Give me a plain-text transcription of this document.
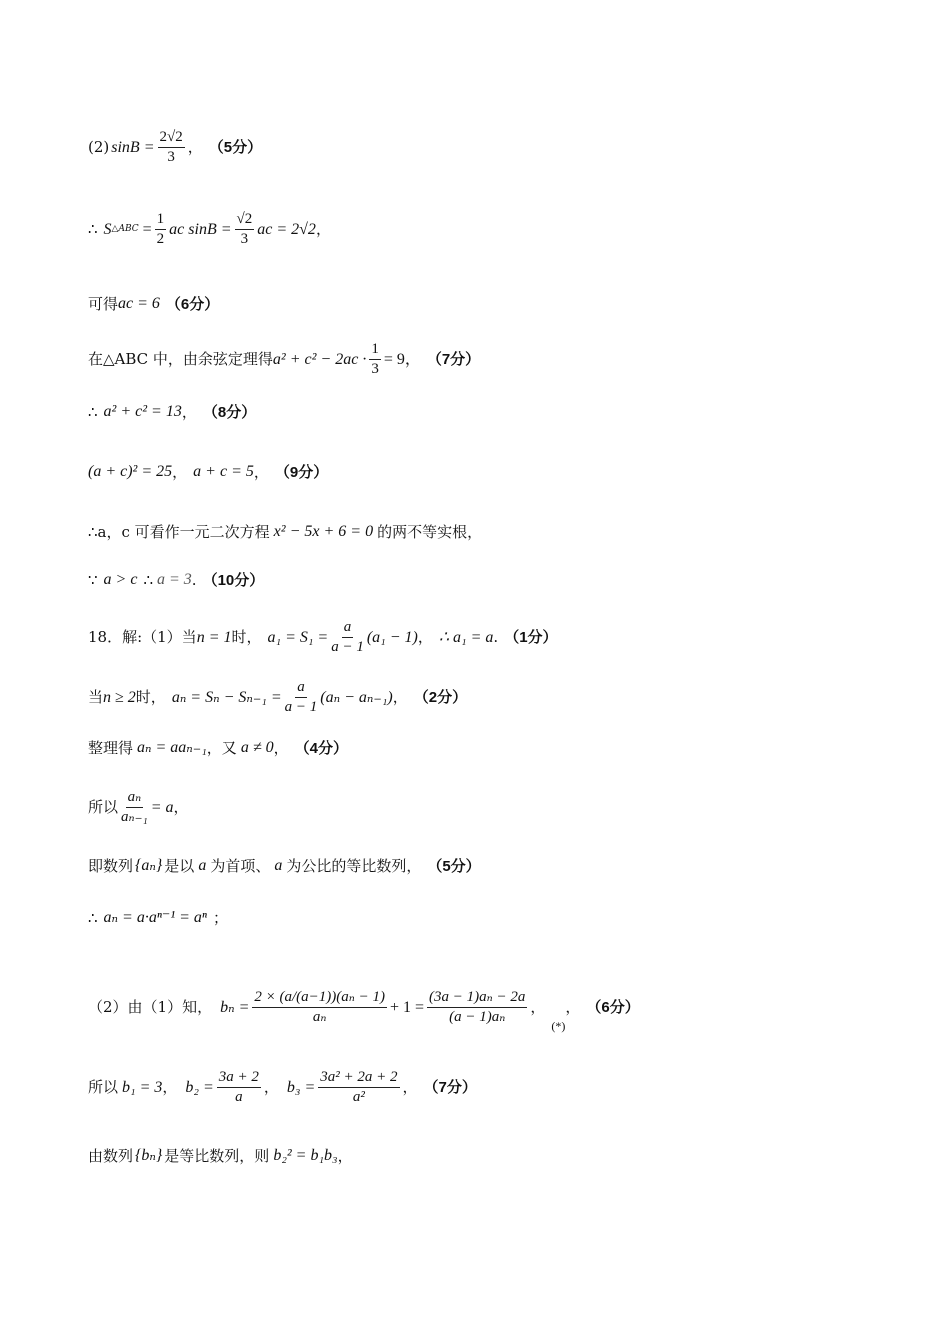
(2) $\sin B = \frac{2√2}{3}$ ， （5分）
∴ S △ABC = $\frac{1}{2}$ ac $\sin B = \frac{√2}{3}$ ac = 2√2 ，
可得 ac = 6 （6分）
在△ABC 中，由余弦定理得 $a^2 + c^2 - 2ac \cdot \frac{1}{3} = 9$， （7分）
∴ a² + c² = 13 ， （8分）
(a + c)² = 25 ， a + c = 5 ， （9分）
∴ a，c 可看作一元二次方程 x² − 5x + 6 = 0 的两不等实根，
∵ a > c ∴ a = 3 . （10分）
18．解:（1）当 n = 1 时， $a_1 = S_1 = \frac{a}{a - 1} (a_1 - 1)$ ， ∴ a₁ = a . （1分）
当 n ≥ 2 时， $a_n = S_n - S_{n-1} = \frac{a}{a - 1} (a_n - a_{n-1})$ ， （2分）
整理得 aₙ = aaₙ₋₁ ，又 a ≠ 0 ， （4分）
所以 $\frac{\text{aₙ}}{\text{aₙ₋₁}} = a$ ，
即数列 {aₙ} 是以 a 为首项、 a 为公比的等比数列， （5分）
∴ aₙ = a·aⁿ⁻¹ = aⁿ ；
（2）由（1）知， $b_n = \frac{\text{2 × (a/(a−1))(aₙ − 1)}}{\text{aₙ}} + 1 = \frac{\text{(3a − 1)aₙ − 2a}}{\text{(a − 1)aₙ}}$ ，
(*)
， （6分）
所以 b₁ = 3 ， $b_2 = \frac{3a + 2}{a}$ ， $b_3 = \frac{\text{3a² + 2a + 2}}{\text{a²}}$ ， （7分）
由数列 {bₙ} 是等比数列，则 b₂² = b₁b₃ ，
